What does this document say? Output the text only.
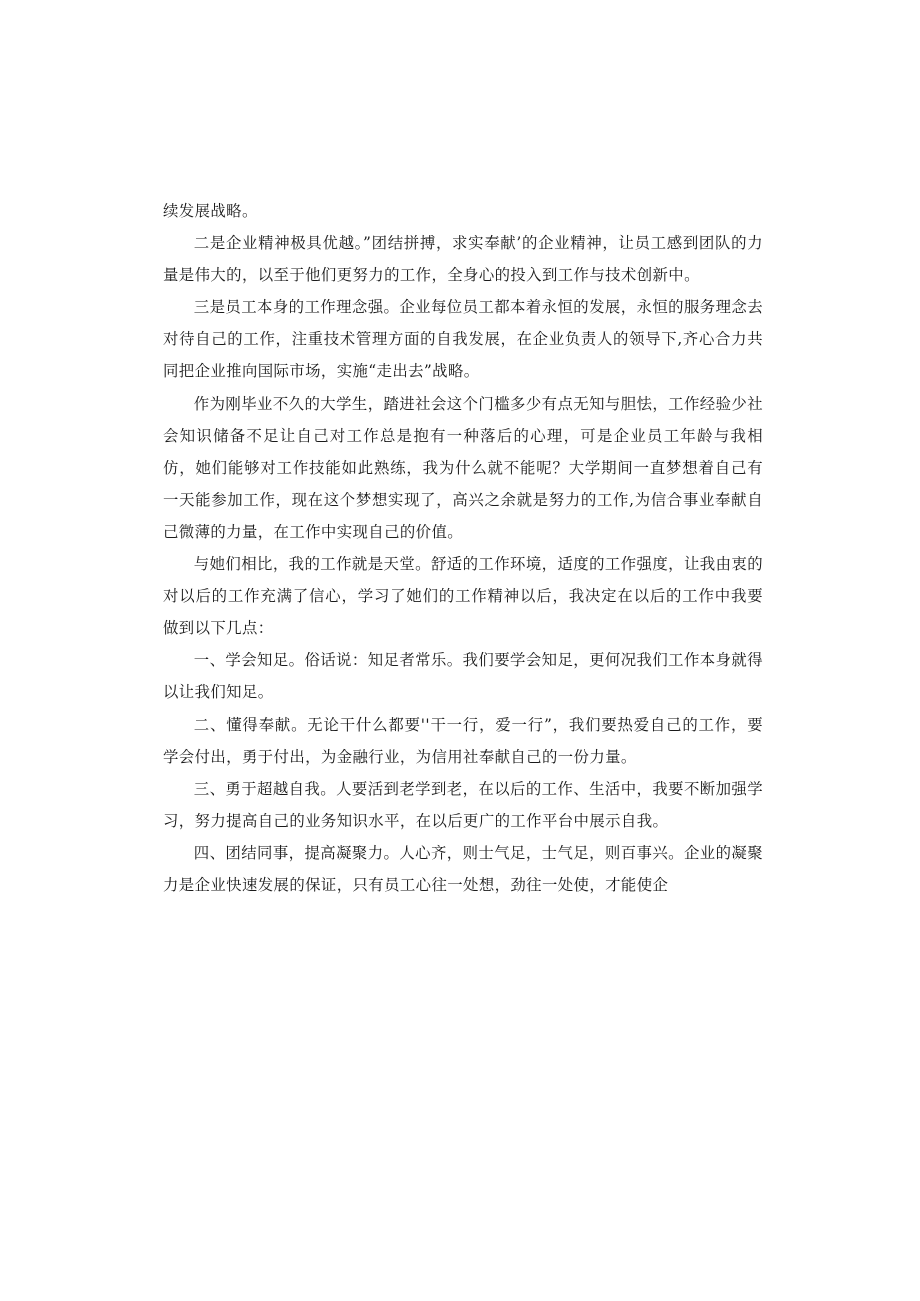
续发展战略。

二是企业精神极具优越。”团结拼搏，求实奉献’的企业精神，让员工感到团队的力量是伟大的，以至于他们更努力的工作，全身心的投入到工作与技术创新中。

三是员工本身的工作理念强。企业每位员工都本着永恒的发展，永恒的服务理念去对待自己的工作，注重技术管理方面的自我发展，在企业负责人的领导下,齐心合力共同把企业推向国际市场，实施“走出去”战略。

作为刚毕业不久的大学生，踏进社会这个门槛多少有点无知与胆怯，工作经验少社会知识储备不足让自己对工作总是抱有一种落后的心理，可是企业员工年龄与我相仿，她们能够对工作技能如此熟练，我为什么就不能呢？大学期间一直梦想着自己有一天能参加工作，现在这个梦想实现了，高兴之余就是努力的工作,为信合事业奉献自己微薄的力量，在工作中实现自己的价值。

与她们相比，我的工作就是天堂。舒适的工作环境，适度的工作强度，让我由衷的对以后的工作充满了信心，学习了她们的工作精神以后，我决定在以后的工作中我要做到以下几点：

一、学会知足。俗话说：知足者常乐。我们要学会知足，更何况我们工作本身就得以让我们知足。

二、懂得奉献。无论干什么都要''干一行，爱一行”，我们要热爱自己的工作，要学会付出，勇于付出，为金融行业，为信用社奉献自己的一份力量。

三、勇于超越自我。人要活到老学到老，在以后的工作、生活中，我要不断加强学习，努力提高自己的业务知识水平，在以后更广的工作平台中展示自我。

四、团结同事，提高凝聚力。人心齐，则士气足，士气足，则百事兴。企业的凝聚力是企业快速发展的保证，只有员工心往一处想，劲往一处使，才能使企
